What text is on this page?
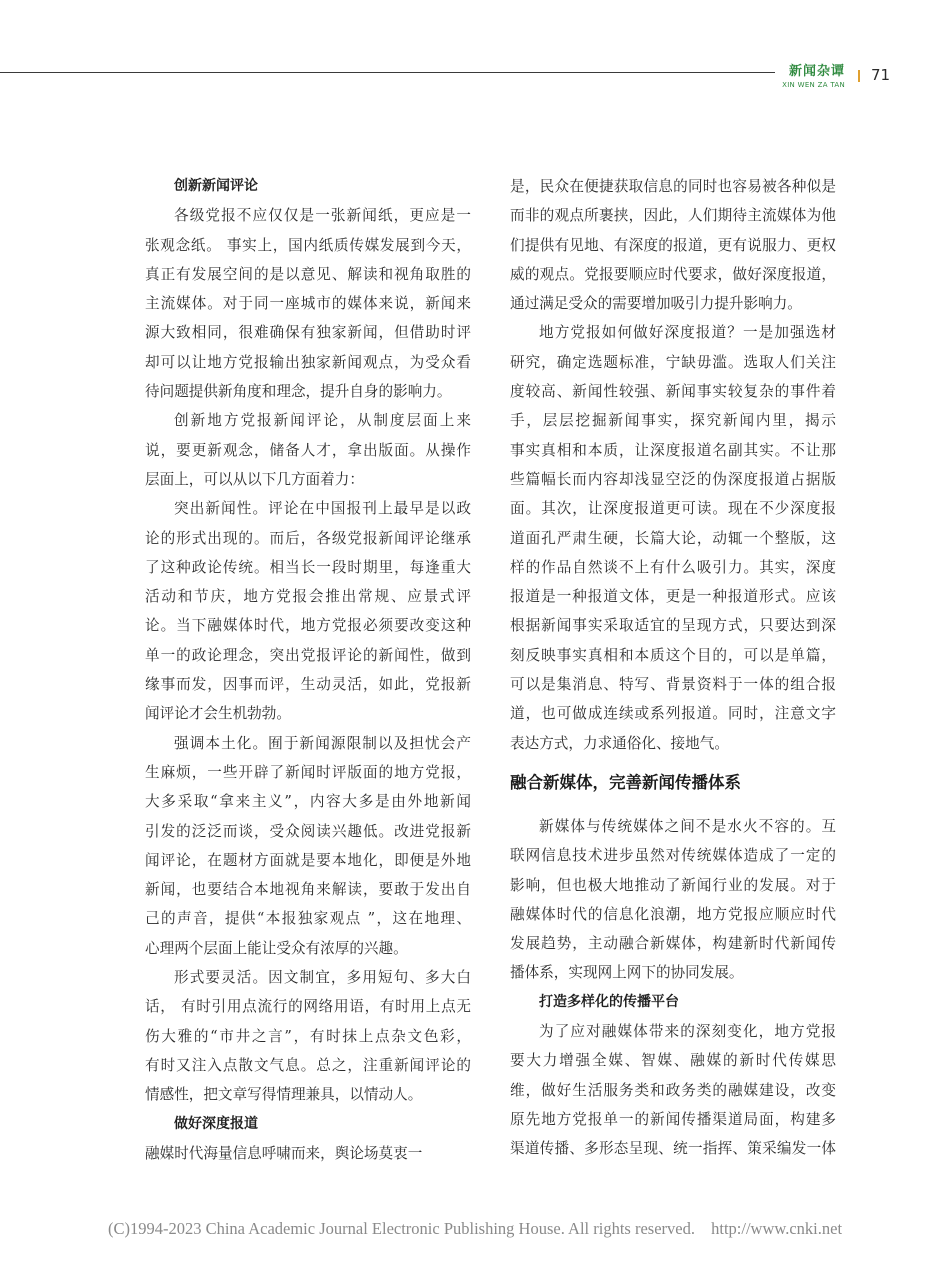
新闻杂谭
XIN WEN ZA TAN
71
创新新闻评论
各级党报不应仅仅是一张新闻纸，更应是一
张观念纸。 事实上，国内纸质传媒发展到今天，
真正有发展空间的是以意见、解读和视角取胜的
主流媒体。对于同一座城市的媒体来说，新闻来
源大致相同，很难确保有独家新闻，但借助时评
却可以让地方党报输出独家新闻观点，为受众看
待问题提供新角度和理念，提升自身的影响力。
创新地方党报新闻评论，从制度层面上来
说，要更新观念，储备人才，拿出版面。从操作
层面上，可以从以下几方面着力：
突出新闻性。评论在中国报刊上最早是以政
论的形式出现的。而后，各级党报新闻评论继承
了这种政论传统。相当长一段时期里，每逢重大
活动和节庆，地方党报会推出常规、应景式评
论。当下融媒体时代，地方党报必须要改变这种
单一的政论理念，突出党报评论的新闻性，做到
缘事而发，因事而评，生动灵活，如此，党报新
闻评论才会生机勃勃。
强调本土化。囿于新闻源限制以及担忧会产
生麻烦，一些开辟了新闻时评版面的地方党报，
大多采取“拿来主义”，内容大多是由外地新闻
引发的泛泛而谈，受众阅读兴趣低。改进党报新
闻评论，在题材方面就是要本地化，即便是外地
新闻，也要结合本地视角来解读，要敢于发出自
己的声音，提供“本报独家观点 ”，这在地理、
心理两个层面上能让受众有浓厚的兴趣。
形式要灵活。因文制宜，多用短句、多大白
话， 有时引用点流行的网络用语，有时用上点无
伤大雅的“市井之言”，有时抹上点杂文色彩，
有时又注入点散文气息。总之，注重新闻评论的
情感性，把文章写得情理兼具，以情动人。
做好深度报道
融媒时代海量信息呼啸而来，舆论场莫衷一
是，民众在便捷获取信息的同时也容易被各种似是
而非的观点所裹挟，因此，人们期待主流媒体为他
们提供有见地、有深度的报道，更有说服力、更权
威的观点。党报要顺应时代要求，做好深度报道，
通过满足受众的需要增加吸引力提升影响力。
地方党报如何做好深度报道？一是加强选材
研究，确定选题标准，宁缺毋滥。选取人们关注
度较高、新闻性较强、新闻事实较复杂的事件着
手，层层挖掘新闻事实，探究新闻内里，揭示
事实真相和本质，让深度报道名副其实。不让那
些篇幅长而内容却浅显空泛的伪深度报道占据版
面。其次，让深度报道更可读。现在不少深度报
道面孔严肃生硬，长篇大论，动辄一个整版，这
样的作品自然谈不上有什么吸引力。其实，深度
报道是一种报道文体，更是一种报道形式。应该
根据新闻事实采取适宜的呈现方式，只要达到深
刻反映事实真相和本质这个目的，可以是单篇，
可以是集消息、特写、背景资料于一体的组合报
道，也可做成连续或系列报道。同时，注意文字
表达方式，力求通俗化、接地气。
融合新媒体，完善新闻传播体系
新媒体与传统媒体之间不是水火不容的。互
联网信息技术进步虽然对传统媒体造成了一定的
影响，但也极大地推动了新闻行业的发展。对于
融媒体时代的信息化浪潮，地方党报应顺应时代
发展趋势，主动融合新媒体，构建新时代新闻传
播体系，实现网上网下的协同发展。
打造多样化的传播平台
为了应对融媒体带来的深刻变化，地方党报
要大力增强全媒、智媒、融媒的新时代传媒思
维，做好生活服务类和政务类的融媒建设，改变
原先地方党报单一的新闻传播渠道局面，构建多
渠道传播、多形态呈现、统一指挥、策采编发一体
(C)1994-2023 China Academic Journal Electronic Publishing House. All rights reserved. http://www.cnki.net
